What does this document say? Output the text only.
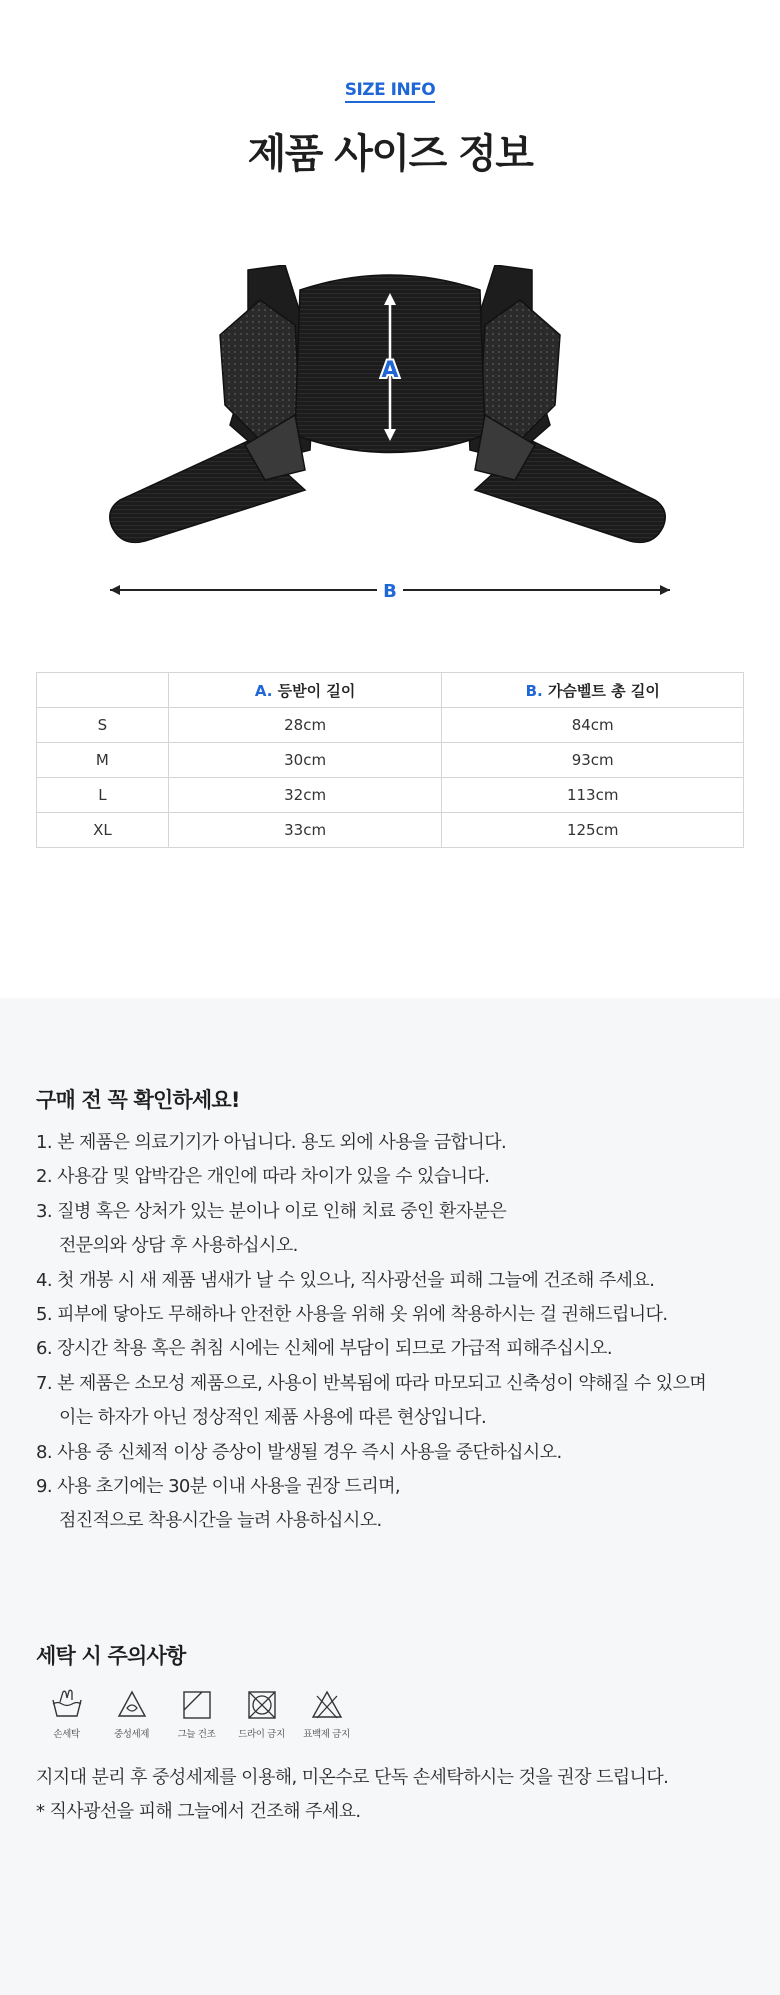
SIZE INFO
제품 사이즈 정보
A
B
	A. 등받이 길이	B. 가슴벨트 총 길이
S	28cm	84cm
M	30cm	93cm
L	32cm	113cm
XL	33cm	125cm
구매 전 꼭 확인하세요!
1. 본 제품은 의료기기가 아닙니다. 용도 외에 사용을 금합니다.
2. 사용감 및 압박감은 개인에 따라 차이가 있을 수 있습니다.
3. 질병 혹은 상처가 있는 분이나 이로 인해 치료 중인 환자분은
전문의와 상담 후 사용하십시오.
4. 첫 개봉 시 새 제품 냄새가 날 수 있으나, 직사광선을 피해 그늘에 건조해 주세요.
5. 피부에 닿아도 무해하나 안전한 사용을 위해 옷 위에 착용하시는 걸 권해드립니다.
6. 장시간 착용 혹은 취침 시에는 신체에 부담이 되므로 가급적 피해주십시오.
7. 본 제품은 소모성 제품으로, 사용이 반복됨에 따라 마모되고 신축성이 약해질 수 있으며
이는 하자가 아닌 정상적인 제품 사용에 따른 현상입니다.
8. 사용 중 신체적 이상 증상이 발생될 경우 즉시 사용을 중단하십시오.
9. 사용 초기에는 30분 이내 사용을 권장 드리며,
점진적으로 착용시간을 늘려 사용하십시오.
세탁 시 주의사항
손세탁	중성세제	그늘 건조 드라이 금지 표백제 금지
지지대 분리 후 중성세제를 이용해, 미온수로 단독 손세탁하시는 것을 권장 드립니다.
* 직사광선을 피해 그늘에서 건조해 주세요.
